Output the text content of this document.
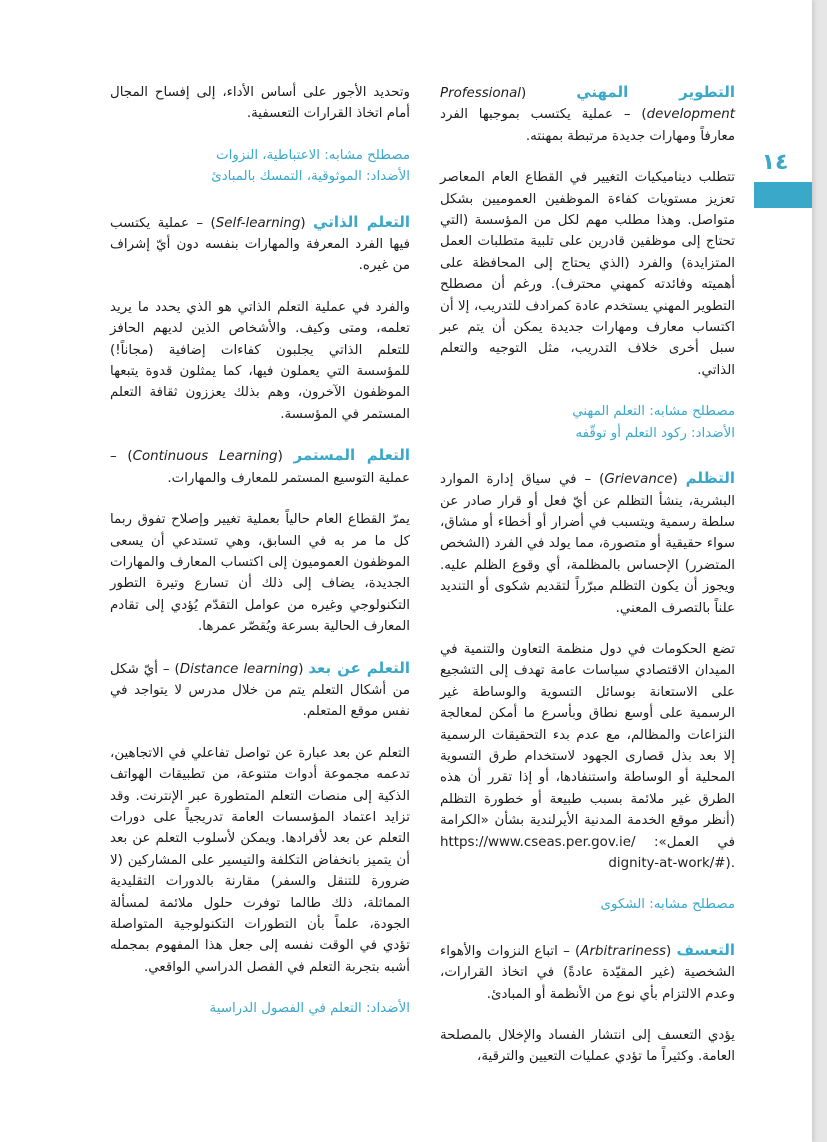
١٤

التطوير المهني (Professional development) – عملية يكتسب بموجبها الفرد معارفاً ومهارات جديدة مرتبطة بمهنته.

تتطلب ديناميكيات التغيير في القطاع العام المعاصر تعزيز مستويات كفاءة الموظفين العموميين بشكل متواصل. وهذا مطلب مهم لكل من المؤسسة (التي تحتاج إلى موظفين قادرين على تلبية متطلبات العمل المتزايدة) والفرد (الذي يحتاج إلى المحافظة على أهميته وفائدته كمهني محترف). ورغم أن مصطلح التطوير المهني يستخدم عادة كمرادف للتدريب، إلا أن اكتساب معارف ومهارات جديدة يمكن أن يتم عبر سبل أخرى خلاف التدريب، مثل التوجيه والتعلم الذاتي.

مصطلح مشابه: التعلم المهني

الأضداد: ركود التعلم أو توقّفه

التظلم (Grievance) – في سياق إدارة الموارد البشرية، ينشأ التظلم عن أيّ فعل أو قرار صادر عن سلطة رسمية ويتسبب في أضرار أو أخطاء أو مشاق، سواء حقيقية أو متصورة، مما يولد في الفرد (الشخص المتضرر) الإحساس بالمظلمة، أي وقوع الظلم عليه. ويجوز أن يكون التظلم مبرّراً لتقديم شكوى أو التنديد علناً بالتصرف المعني.

تضع الحكومات في دول منظمة التعاون والتنمية في الميدان الاقتصادي سياسات عامة تهدف إلى التشجيع على الاستعانة بوسائل التسوية والوساطة غير الرسمية على أوسع نطاق وبأسرع ما أمكن لمعالجة النزاعات والمظالم، مع عدم بدء التحقيقات الرسمية إلا بعد بذل قصارى الجهود لاستخدام طرق التسوية المحلية أو الوساطة واستنفادها، أو إذا تقرر أن هذه الطرق غير ملائمة بسبب طبيعة أو خطورة التظلم (أنظر موقع الخدمة المدنية الأيرلندية بشأن «الكرامة في العمل»: https://www.cseas.per.gov.ie/ dignity-at-work/#).

مصطلح مشابه: الشكوى

التعسف (Arbitrariness) – اتباع النزوات والأهواء الشخصية (غير المقيّدة عادةً) في اتخاذ القرارات، وعدم الالتزام بأي نوع من الأنظمة أو المبادئ.

يؤدي التعسف إلى انتشار الفساد والإخلال بالمصلحة العامة. وكثيراً ما تؤدي عمليات التعيين والترقية،

وتحديد الأجور على أساس الأداء، إلى إفساح المجال أمام اتخاذ القرارات التعسفية.

مصطلح مشابه: الاعتباطية، النزوات

الأضداد: الموثوقية، التمسك بالمبادئ

التعلم الذاتي (Self-learning) – عملية يكتسب فيها الفرد المعرفة والمهارات بنفسه دون أيّ إشراف من غيره.

والفرد في عملية التعلم الذاتي هو الذي يحدد ما يريد تعلمه، ومتى وكيف. والأشخاص الذين لديهم الحافز للتعلم الذاتي يجلبون كفاءات إضافية (مجاناً!) للمؤسسة التي يعملون فيها، كما يمثلون قدوة يتبعها الموظفون الآخرون، وهم بذلك يعززون ثقافة التعلم المستمر في المؤسسة.

التعلم المستمر (Continuous Learning) – عملية التوسيع المستمر للمعارف والمهارات.

يمرّ القطاع العام حالياً بعملية تغيير وإصلاح تفوق ربما كل ما مر به في السابق، وهي تستدعي أن يسعى الموظفون العموميون إلى اكتساب المعارف والمهارات الجديدة، يضاف إلى ذلك أن تسارع وتيرة التطور التكنولوجي وغيره من عوامل التقدّم يُؤدي إلى تقادم المعارف الحالية بسرعة ويُقصّر عمرها.

التعلم عن بعد (Distance learning) – أيّ شكل من أشكال التعلم يتم من خلال مدرس لا يتواجد في نفس موقع المتعلم.

التعلم عن بعد عبارة عن تواصل تفاعلي في الاتجاهين، تدعمه مجموعة أدوات متنوعة، من تطبيقات الهواتف الذكية إلى منصات التعلم المتطورة عبر الإنترنت. وقد تزايد اعتماد المؤسسات العامة تدريجياً على دورات التعلم عن بعد لأفرادها. ويمكن لأسلوب التعلم عن بعد أن يتميز بانخفاض التكلفة والتيسير على المشاركين (لا ضرورة للتنقل والسفر) مقارنة بالدورات التقليدية المماثلة، ذلك طالما توفرت حلول ملائمة لمسألة الجودة، علماً بأن التطورات التكنولوجية المتواصلة تؤدي في الوقت نفسه إلى جعل هذا المفهوم بمجمله أشبه بتجربة التعلم في الفصل الدراسي الواقعي.

الأضداد: التعلم في الفصول الدراسية
